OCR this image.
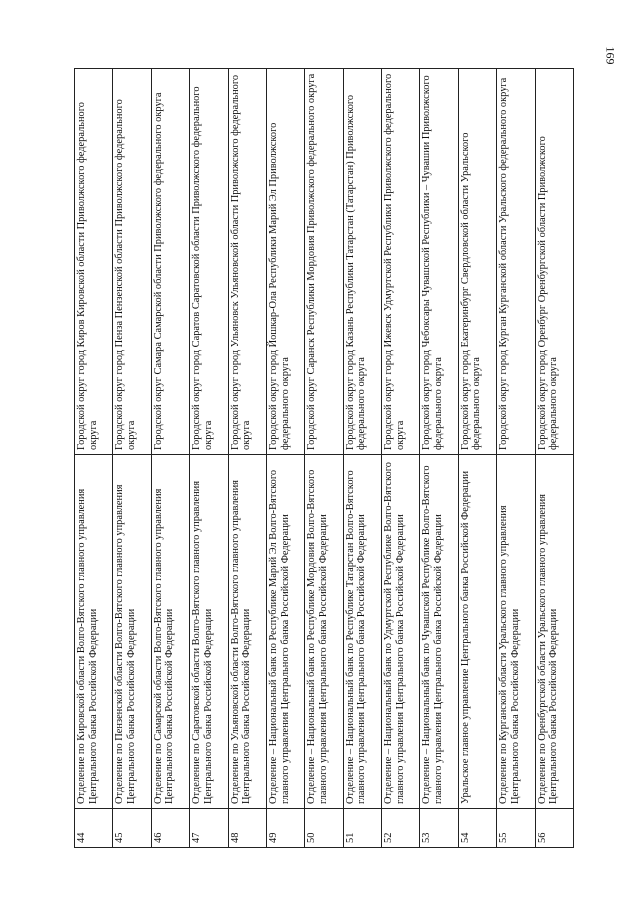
169
44	Отделение по Кировской области Волго-Вятского главного управления Центрального банка Российской Федерации	Городской округ город Киров Кировской области Приволжского федерального округа
45	Отделение по Пензенской области Волго-Вятского главного управления Центрального банка Российской Федерации	Городской округ город Пенза Пензенской области Приволжского федерального округа
46	Отделение по Самарской области Волго-Вятского главного управления Центрального банка Российской Федерации	Городской округ Самара Самарской области Приволжского федерального округа
47	Отделение по Саратовской области Волго-Вятского главного управления Центрального банка Российской Федерации	Городской округ город Саратов Саратовской области Приволжского федерального округа
48	Отделение по Ульяновской области Волго-Вятского главного управления Центрального банка Российской Федерации	Городской округ город Ульяновск Ульяновской области Приволжского федерального округа
49	Отделение – Национальный банк по Республике Марий Эл Волго-Вятского главного управления Центрального банка Российской Федерации	Городской округ город Йошкар-Ола Республики Марий Эл Приволжского федерального округа
50	Отделение – Национальный банк по Республике Мордовия Волго-Вятского главного управления Центрального банка Российской Федерации	Городской округ Саранск Республики Мордовия Приволжского федерального округа
51	Отделение – Национальный банк по Республике Татарстан Волго-Вятского главного управления Центрального банка Российской Федерации	Городской округ город Казань Республики Татарстан (Татарстан) Приволжского федерального округа
52	Отделение – Национальный банк по Удмуртской Республике Волго-Вятского главного управления Центрального банка Российской Федерации	Городской округ город Ижевск Удмуртской Республики Приволжского федерального округа
53	Отделение – Национальный банк по Чувашской Республике Волго-Вятского главного управления Центрального банка Российской Федерации	Городской округ город Чебоксары Чувашской Республики – Чувашии Приволжского федерального округа
54	Уральское главное управление Центрального банка Российской Федерации	Городской округ город Екатеринбург Свердловской области Уральского федерального округа
55	Отделение по Курганской области Уральского главного управления Центрального банка Российской Федерации	Городской округ город Курган Курганской области Уральского федерального округа
56	Отделение по Оренбургской области Уральского главного управления Центрального банка Российской Федерации	Городской округ город Оренбург Оренбургской области Приволжского федерального округа
